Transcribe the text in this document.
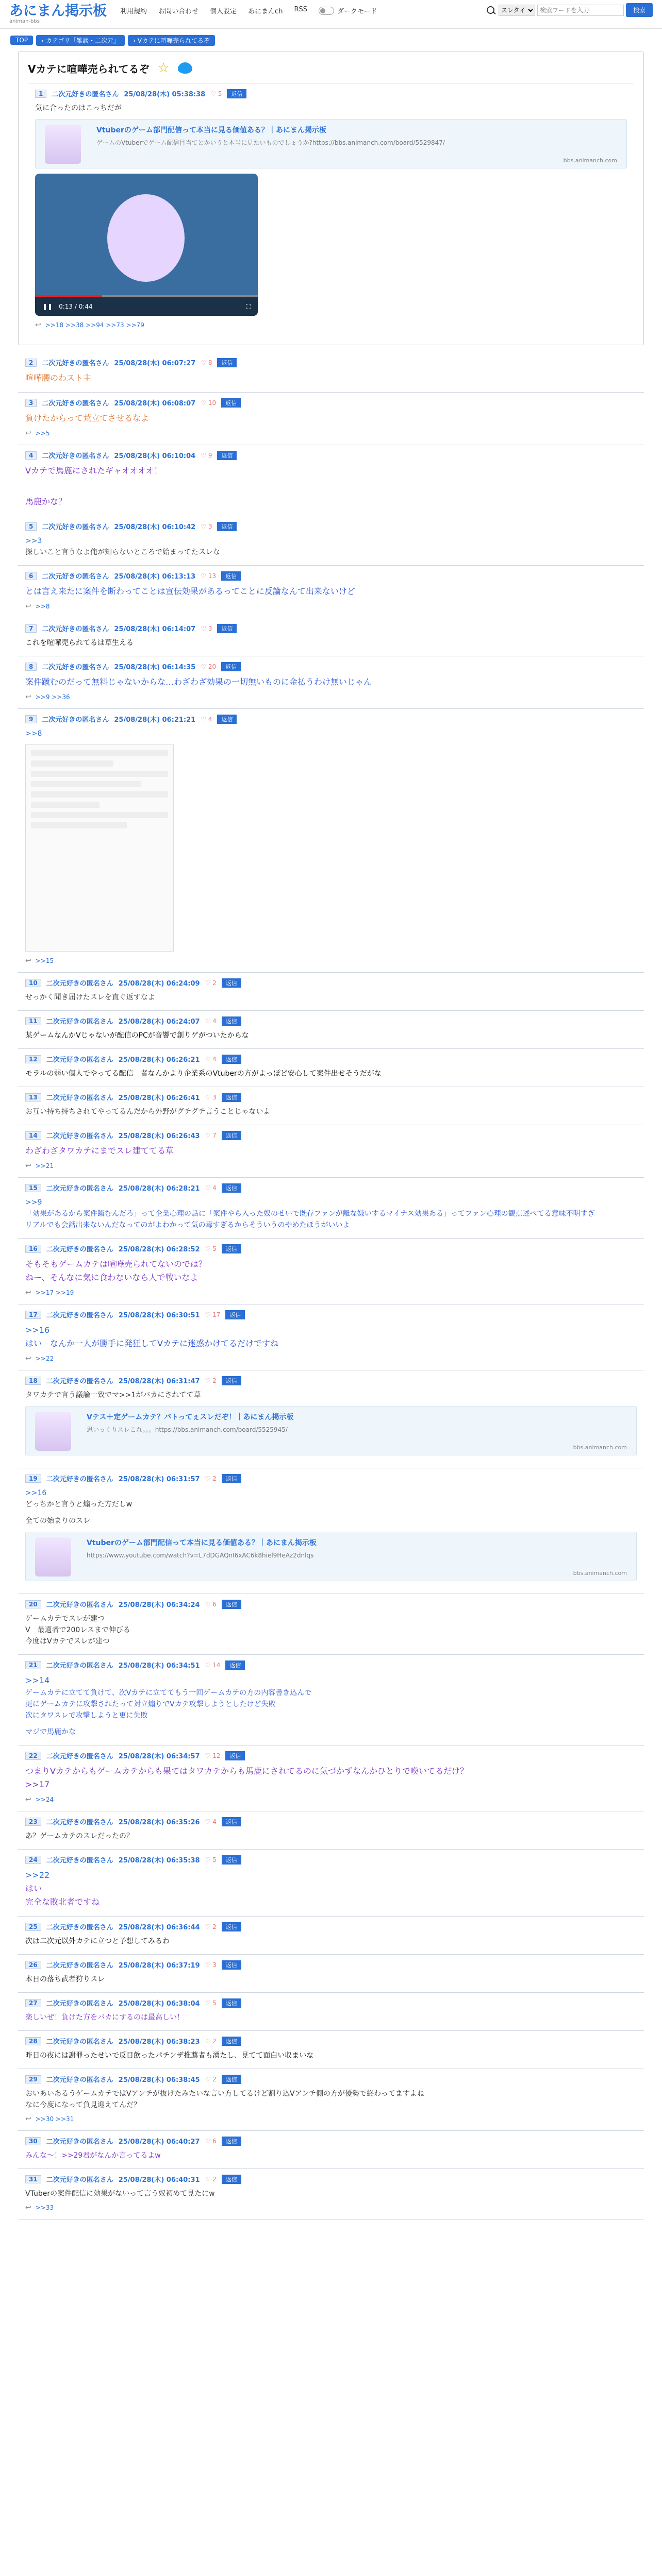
あにまん掲示板
animan-bbs
利用規約 お問い合わせ 個人設定 あにまんch RSS	ダークモード
スレタイ
検索ワードを入力	検索
TOP	› カテゴリ「雑談・二次元」	› Vカテに喧嘩売られてるぞ
Vカテに喧嘩売られてるぞ ☆
1	二次元好きの匿名さん 25/08/28(木) 05:38:38 ♡ 5	返信
気に合ったのはこっちだが
Vtuberのゲーム部門配信って本当に見る価値ある？｜あにまん掲示板
ゲームのVtuberでゲーム配信目当てとかいうと本当に見たいものでしょうか?https://bbs.animanch.com/board/5529847/
bbs.animanch.com
❚❚ 0:13 / 0:44	⛶
↩ >>18 >>38 >>94 >>73 >>79
2	二次元好きの匿名さん 25/08/28(木) 06:07:27 ♡ 8	返信
喧嘩腰のわスト主
3	二次元好きの匿名さん 25/08/28(木) 06:08:07 ♡ 10	返信
負けたからって荒立てさせるなよ
↩ >>5
4	二次元好きの匿名さん 25/08/28(木) 06:10:04 ♡ 9	返信
Vカテで馬鹿にされたギャオオオオ！
馬鹿かな？
5	二次元好きの匿名さん 25/08/28(木) 06:10:42 ♡ 3	返信
>>3
探しいこと言うなよ俺が知らないところで始まってたスレな
6	二次元好きの匿名さん 25/08/28(木) 06:13:13 ♡ 13	返信
とは言え来たに案件を断わってことは宣伝効果があるってことに反論なんて出来ないけど
↩ >>8
7	二次元好きの匿名さん 25/08/28(木) 06:14:07 ♡ 3	返信
これを喧嘩売られてるは草生える
8	二次元好きの匿名さん 25/08/28(木) 06:14:35 ♡ 20	返信
案件蹴むのだって無料じゃないからな…わざわざ効果の一切無いものに金払うわけ無いじゃん
↩ >>9 >>36
9	二次元好きの匿名さん 25/08/28(木) 06:21:21 ♡ 4	返信
>>8
↩ >>15
10	二次元好きの匿名さん 25/08/28(木) 06:24:09 ♡ 2	返信
せっかく聞き届けたスレを直ぐ返すなよ
11	二次元好きの匿名さん 25/08/28(木) 06:24:07 ♡ 4	返信
某ゲームなんかVじゃないが配信のPCが音響で創りゲがついたからな
12	二次元好きの匿名さん 25/08/28(木) 06:26:21 ♡ 4	返信
モラルの弱い個人でやってる配信　者なんかより企業系のVtuberの方がよっぽど安心して案件出せそうだがな
13	二次元好きの匿名さん 25/08/28(木) 06:26:41 ♡ 3	返信
お互い持ち持ちされてやってるんだから外野がグチグチ言うことじゃないよ
14	二次元好きの匿名さん 25/08/28(木) 06:26:43 ♡ 7	返信
わざわざタワカテにまでスレ建ててる草
↩ >>21
15	二次元好きの匿名さん 25/08/28(木) 06:28:21 ♡ 4	返信
>>9
「効果があるから案件蹴むんだろ」って企業心理の話に「案件やら入った奴のせいで既存ファンが離な嫌いするマイナス効果ある」ってファン心理の観点述べてる意味不明すぎ
リアルでも会話出来ないんだなってのがよわかって気の毒すぎるからそういうのやめたほうがいいよ
16	二次元好きの匿名さん 25/08/28(木) 06:28:52 ♡ 5	返信
そもそもゲームカテは喧嘩売られてないのでは？
ねー、そんなに気に食わないなら人で戦いなよ
↩ >>17 >>19
17	二次元好きの匿名さん 25/08/28(木) 06:30:51 ♡ 17	返信
>>16
はい　なんか一人が勝手に発狂してVカテに迷惑かけてるだけですね
↩ >>22
18	二次元好きの匿名さん 25/08/28(木) 06:31:47 ♡ 2	返信
タワカテで言う議論一致でマ>>1がバカにされてて草
Vテス＋定ゲームカテ？バトってぇスレだぞ！｜あにまん掲示板
思いっくりスレこれ。。。https://bbs.animanch.com/board/5525945/
bbs.animanch.com
19	二次元好きの匿名さん 25/08/28(木) 06:31:57 ♡ 2	返信
>>16
どっちかと言うと煽った方だしw
全ての始まりのスレ
Vtuberのゲーム部門配信って本当に見る価値ある？｜あにまん掲示板
https://www.youtube.com/watch?v=L7dDGAQnI6xAC6k8hiel9HeAz2dnlqs
bbs.animanch.com
20	二次元好きの匿名さん 25/08/28(木) 06:34:24 ♡ 6	返信
ゲームカテでスレが建つ
V　最適者で200レスまで伸びる
今度はVカテでスレが建つ
21	二次元好きの匿名さん 25/08/28(木) 06:34:51 ♡ 14	返信
>>14
ゲームカテに立てて負けて、次Vカテに立ててもう一回ゲームカテの方の内容書き込んで
更にゲームカテに攻撃されたって対立煽りでVカテ攻撃しようとしたけど失敗
次にタワスレで攻撃しようと更に失敗
マジで馬鹿かな
22	二次元好きの匿名さん 25/08/28(木) 06:34:57 ♡ 12	返信
つまりVカテからもゲームカテからも果てはタワカテからも馬鹿にされてるのに気づかずなんかひとりで喚いてるだけ？
>>17
↩ >>24
23	二次元好きの匿名さん 25/08/28(木) 06:35:26 ♡ 4	返信
あ？ゲームカテのスレだったの？
24	二次元好きの匿名さん 25/08/28(木) 06:35:38 ♡ 5	返信
>>22
はい
完全な敗北者ですね
25	二次元好きの匿名さん 25/08/28(木) 06:36:44 ♡ 2	返信
次は二次元以外カテに立つと予想してみるわ
26	二次元好きの匿名さん 25/08/28(木) 06:37:19 ♡ 3	返信
本日の落ち武者狩りスレ
27	二次元好きの匿名さん 25/08/28(木) 06:38:04 ♡ 5	返信
楽しいぜ！負けた方をバカにするのは最高しい！
28	二次元好きの匿名さん 25/08/28(木) 06:38:23 ♡ 2	返信
昨日の夜には謝罪ったせいで反目飲ったパチンザ推薦者も湧たし、見てて面白い収まいな
29	二次元好きの匿名さん 25/08/28(木) 06:38:45 ♡ 2	返信
おいあいあるうゲームカテではVアンチが抜けたみたいな言い方してるけど割り込Vアンチ側の方が優勢で終わってますよね
なに今度になって負見迎えてんだ？
↩ >>30 >>31
30	二次元好きの匿名さん 25/08/28(木) 06:40:27 ♡ 6	返信
みんな〜！>>29君がなんか言ってるよw
31	二次元好きの匿名さん 25/08/28(木) 06:40:31 ♡ 2	返信
VTuberの案件配信に効果がないって言う奴初めて見たにw
↩ >>33
